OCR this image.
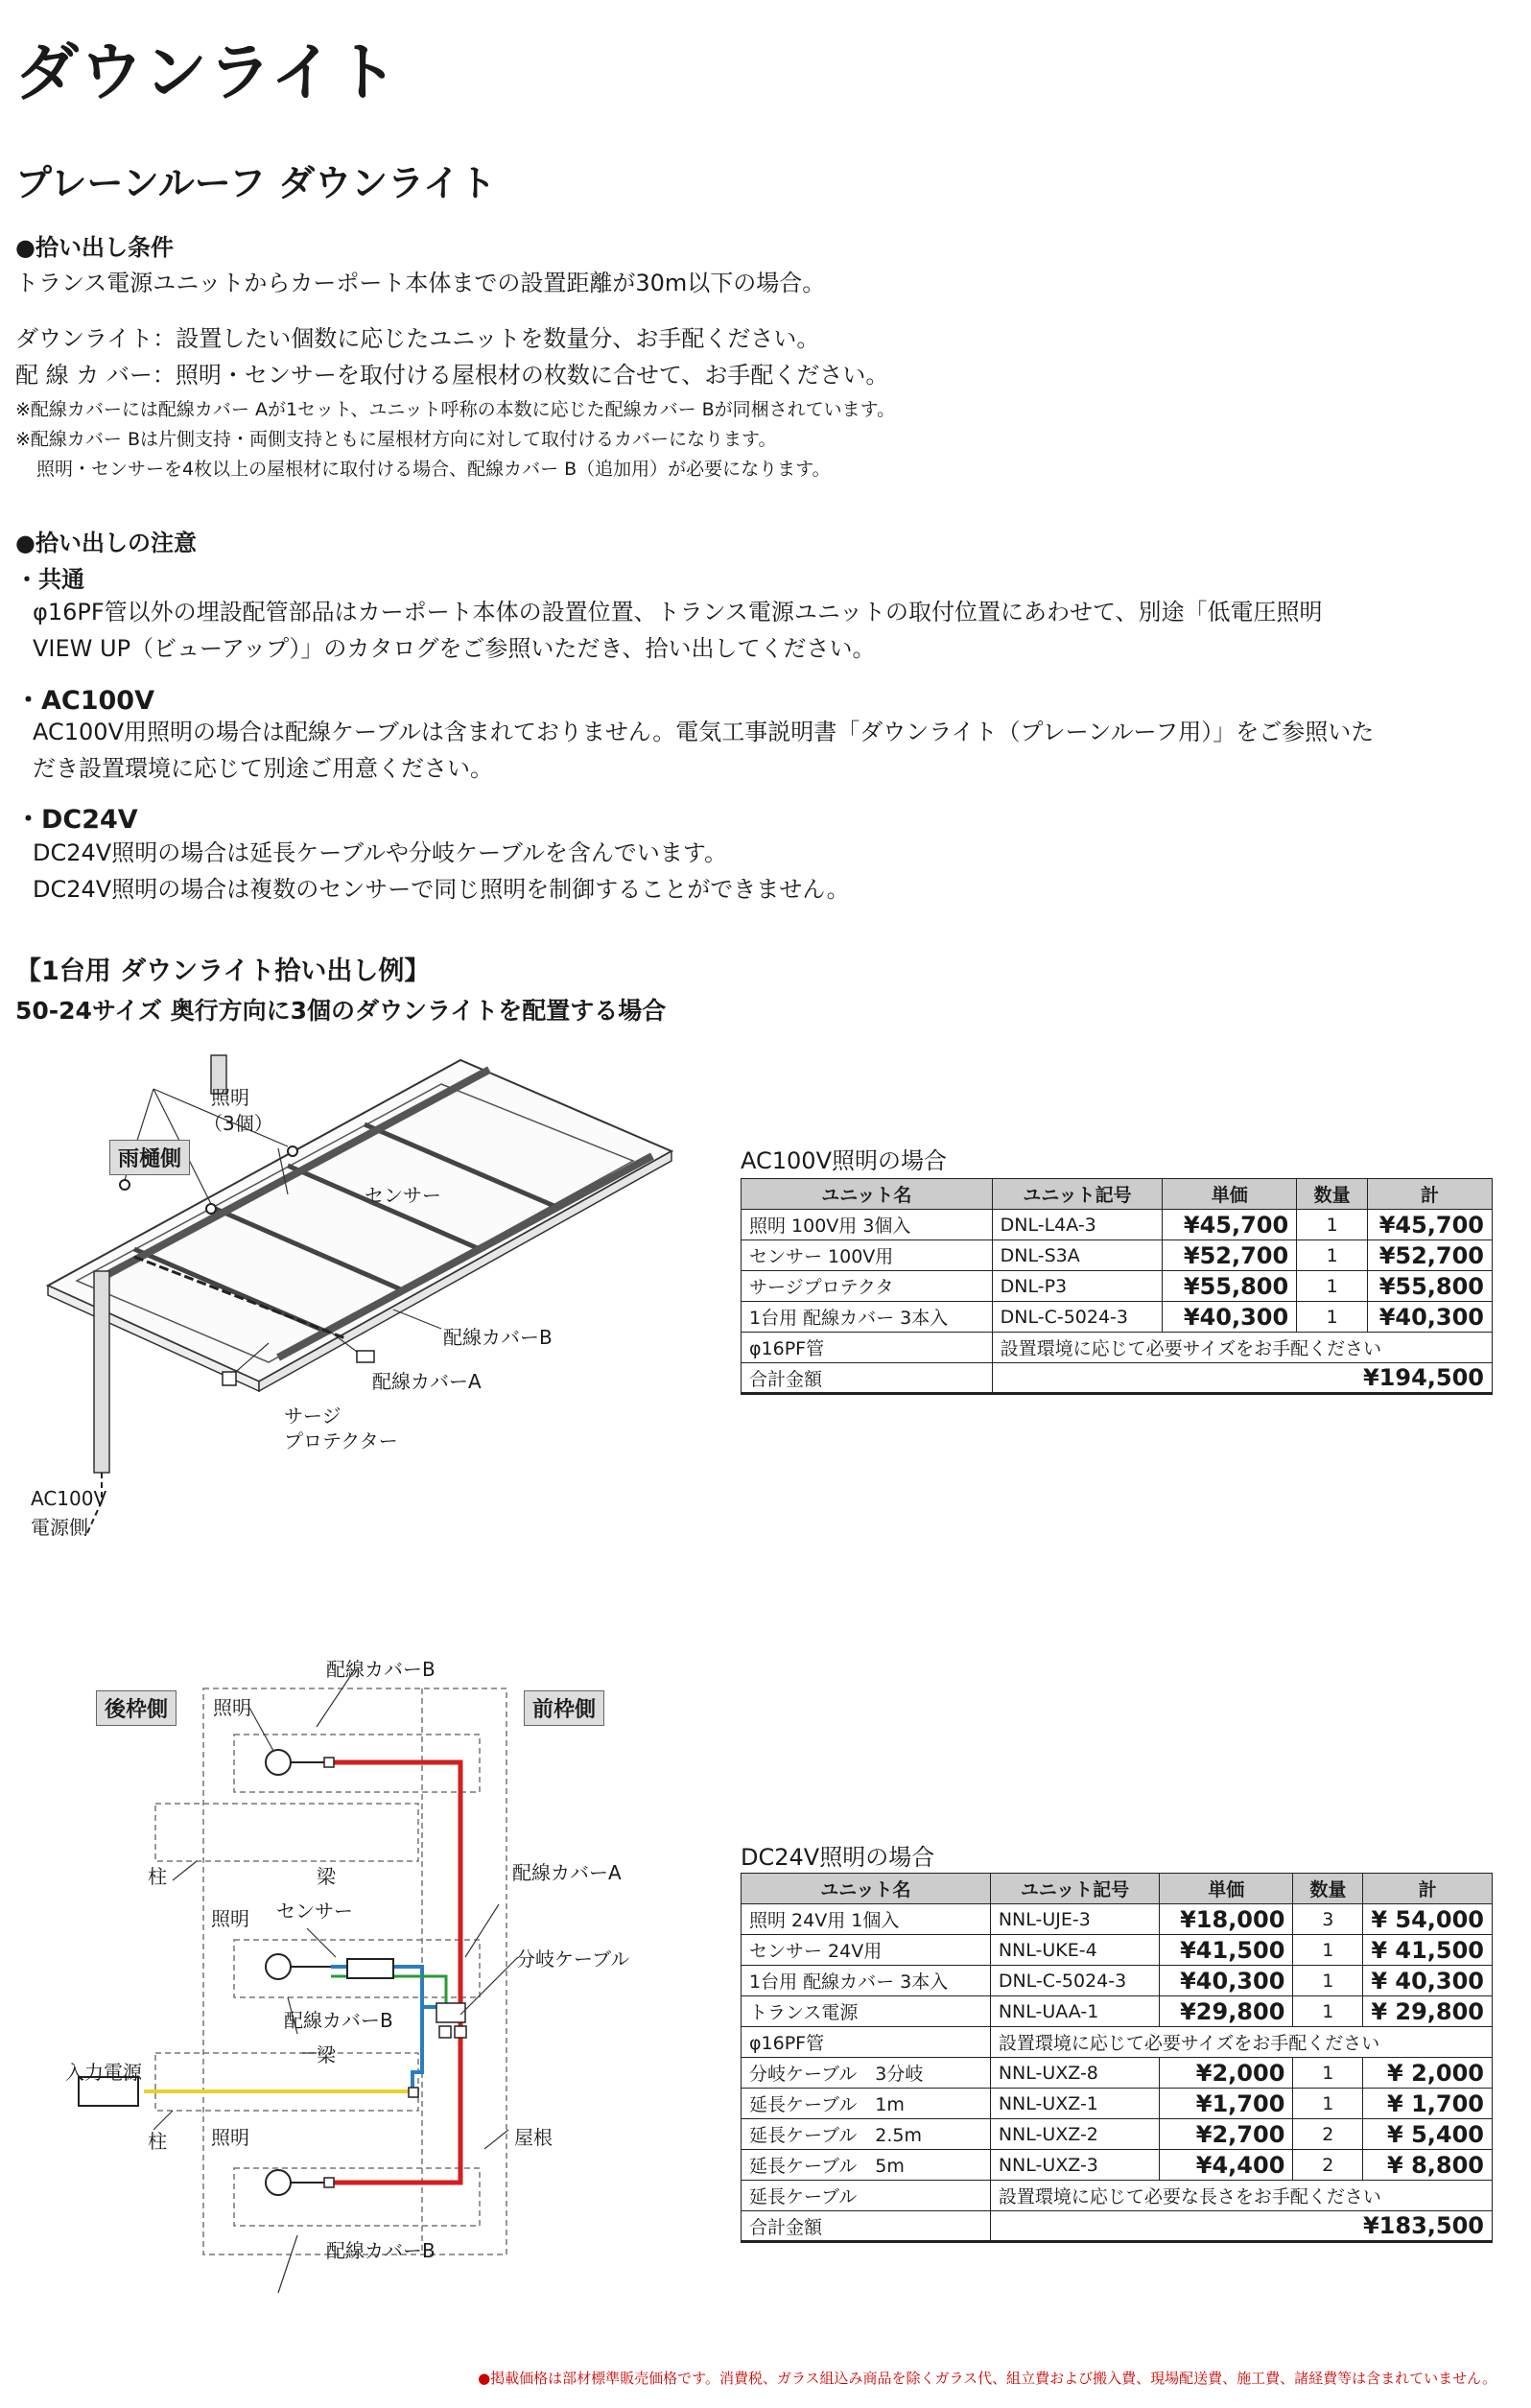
ダウンライト
プレーンルーフ ダウンライト
●拾い出し条件
トランス電源ユニットからカーポート本体までの設置距離が30m以下の場合。
ダウンライト：設置したい個数に応じたユニットを数量分、お手配ください。
配 線 カ バー：照明・センサーを取付ける屋根材の枚数に合せて、お手配ください。
※配線カバーには配線カバー Aが1セット、ユニット呼称の本数に応じた配線カバー Bが同梱されています。
※配線カバー Bは片側支持・両側支持ともに屋根材方向に対して取付けるカバーになります。
照明・センサーを4枚以上の屋根材に取付ける場合、配線カバー B（追加用）が必要になります。
●拾い出しの注意
・共通
φ16PF管以外の埋設配管部品はカーポート本体の設置位置、トランス電源ユニットの取付位置にあわせて、別途「低電圧照明
VIEW UP（ビューアップ）」のカタログをご参照いただき、拾い出してください。
・AC100V
AC100V用照明の場合は配線ケーブルは含まれておりません。電気工事説明書「ダウンライト（プレーンルーフ用）」をご参照いた
だき設置環境に応じて別途ご用意ください。
・DC24V
DC24V照明の場合は延長ケーブルや分岐ケーブルを含んでいます。
DC24V照明の場合は複数のセンサーで同じ照明を制御することができません。
【1台用 ダウンライト拾い出し例】
50-24サイズ 奥行方向に3個のダウンライトを配置する場合
照明
（3個）
雨樋側
センサー
配線カバーB
配線カバーA
サージ
プロテクター
AC100V
電源側
AC100V照明の場合
ユニット名	ユニット記号	単価	数量	計
照明 100V用 3個入	DNL-L4A-3	¥45,700	1	¥45,700
センサー 100V用	DNL-S3A	¥52,700	1	¥52,700
サージプロテクタ	DNL-P3	¥55,800	1	¥55,800
1台用 配線カバー 3本入	DNL-C-5024-3	¥40,300	1	¥40,300
φ16PF管	設置環境に応じて必要サイズをお手配ください			
合計金額	¥194,500			
後枠側	前枠側
配線カバーB
照明
柱	梁
照明 センサー
配線カバーA
分岐ケーブル
配線カバーB
梁
入力電源
柱	屋根
照明
配線カバーB
DC24V照明の場合
ユニット名	ユニット記号	単価	数量	計
照明 24V用 1個入	NNL-UJE-3	¥18,000	3	¥ 54,000
センサー 24V用	NNL-UKE-4	¥41,500	1	¥ 41,500
1台用 配線カバー 3本入	DNL-C-5024-3	¥40,300	1	¥ 40,300
トランス電源	NNL-UAA-1	¥29,800	1	¥ 29,800
φ16PF管	設置環境に応じて必要サイズをお手配ください			
分岐ケーブル　3分岐	NNL-UXZ-8	¥2,000	1	¥ 2,000
延長ケーブル　1m	NNL-UXZ-1	¥1,700	1	¥ 1,700
延長ケーブル　2.5m	NNL-UXZ-2	¥2,700	2	¥ 5,400
延長ケーブル　5m	NNL-UXZ-3	¥4,400	2	¥ 8,800
延長ケーブル	設置環境に応じて必要な長さをお手配ください			
合計金額	¥183,500			
●掲載価格は部材標準販売価格です。消費税、ガラス組込み商品を除くガラス代、組立費および搬入費、現場配送費、施工費、諸経費等は含まれていません。
